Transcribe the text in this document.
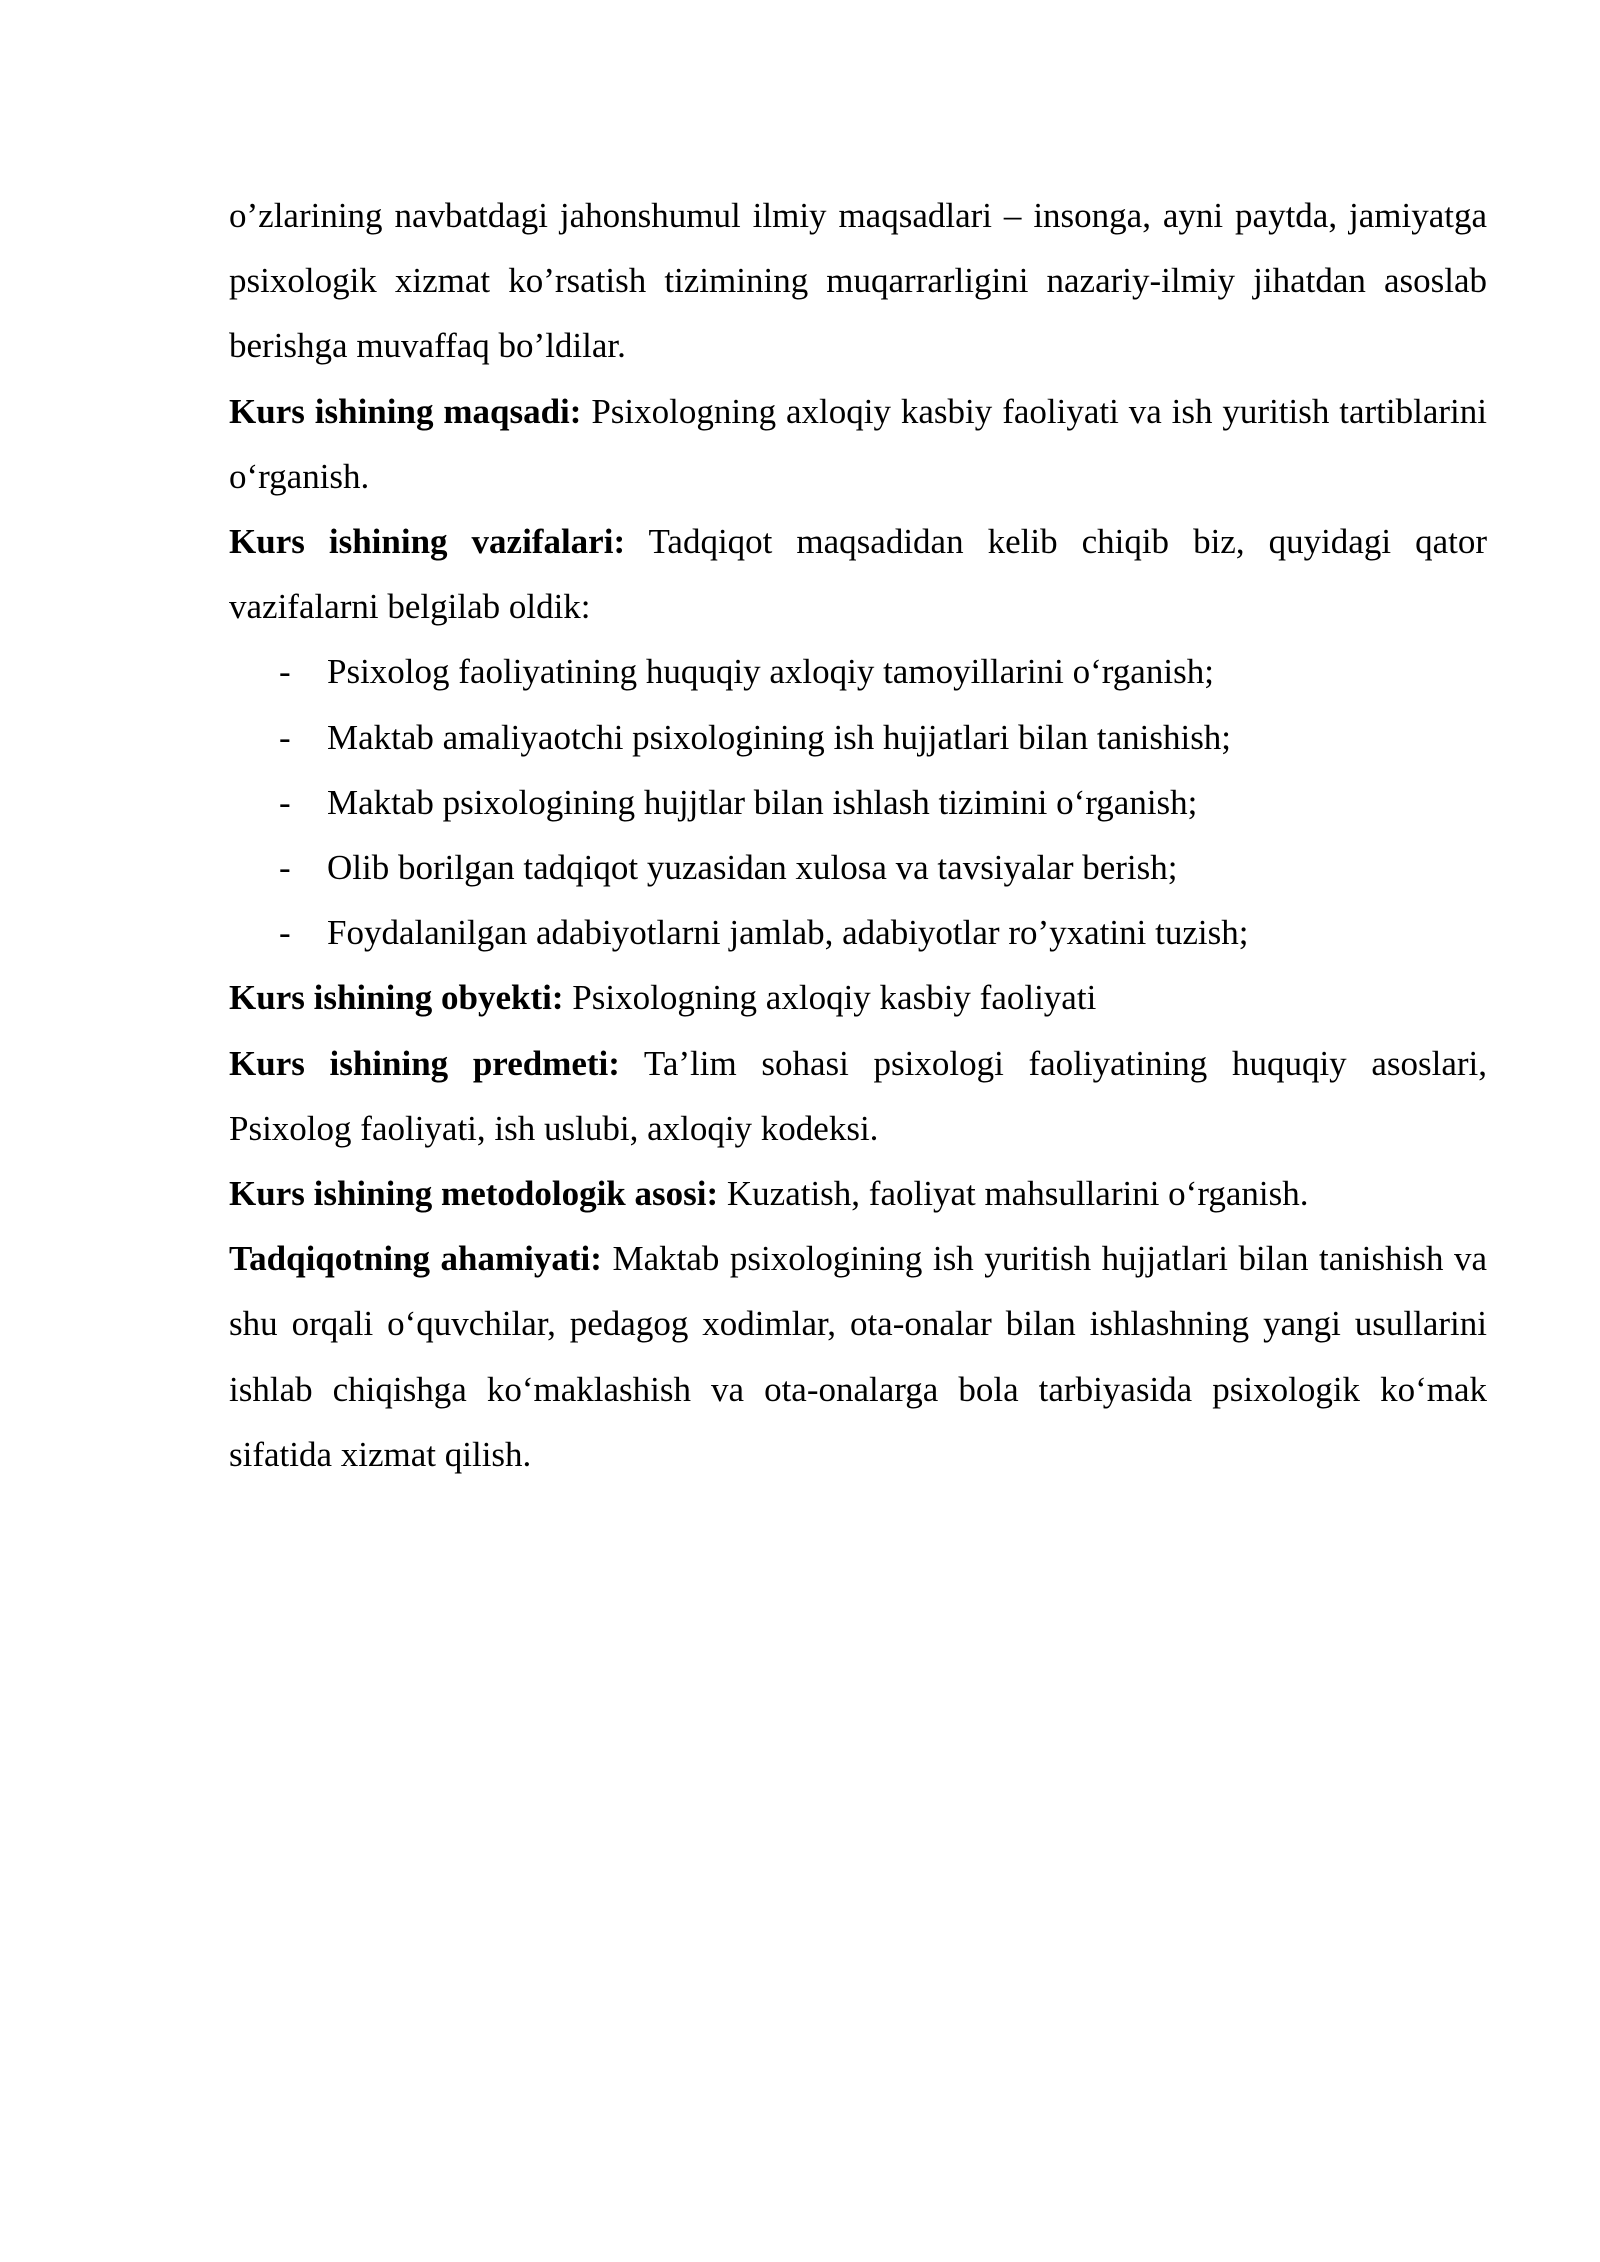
o’zlarining navbatdagi jahonshumul ilmiy maqsadlari – insonga, ayni paytda, jamiyatga psixologik xizmat ko’rsatish tizimining muqarrarligini nazariy-ilmiy jihatdan asoslab berishga muvaffaq bo’ldilar.

Kurs ishining maqsadi: Psixologning axloqiy kasbiy faoliyati va ish yuritish tartiblarini o‘rganish.

Kurs ishining vazifalari: Tadqiqot maqsadidan kelib chiqib biz, quyidagi qator vazifalarni belgilab oldik:

- Psixolog faoliyatining huquqiy axloqiy tamoyillarini o‘rganish;
- Maktab amaliyaotchi psixologining ish hujjatlari bilan tanishish;
- Maktab psixologining hujjtlar bilan ishlash tizimini o‘rganish;
- Olib borilgan tadqiqot yuzasidan xulosa va tavsiyalar berish;
- Foydalanilgan adabiyotlarni jamlab, adabiyotlar ro’yxatini tuzish;

Kurs ishining obyekti: Psixologning axloqiy kasbiy faoliyati

Kurs ishining predmeti: Ta’lim sohasi psixologi faoliyatining huquqiy asoslari, Psixolog faoliyati, ish uslubi, axloqiy kodeksi.

Kurs ishining metodologik asosi: Kuzatish, faoliyat mahsullarini o‘rganish.

Tadqiqotning ahamiyati: Maktab psixologining ish yuritish hujjatlari bilan tanishish va shu orqali o‘quvchilar, pedagog xodimlar, ota-onalar bilan ishlashning yangi usullarini ishlab chiqishga ko‘maklashish va ota-onalarga bola tarbiyasida psixologik ko‘mak sifatida xizmat qilish.
